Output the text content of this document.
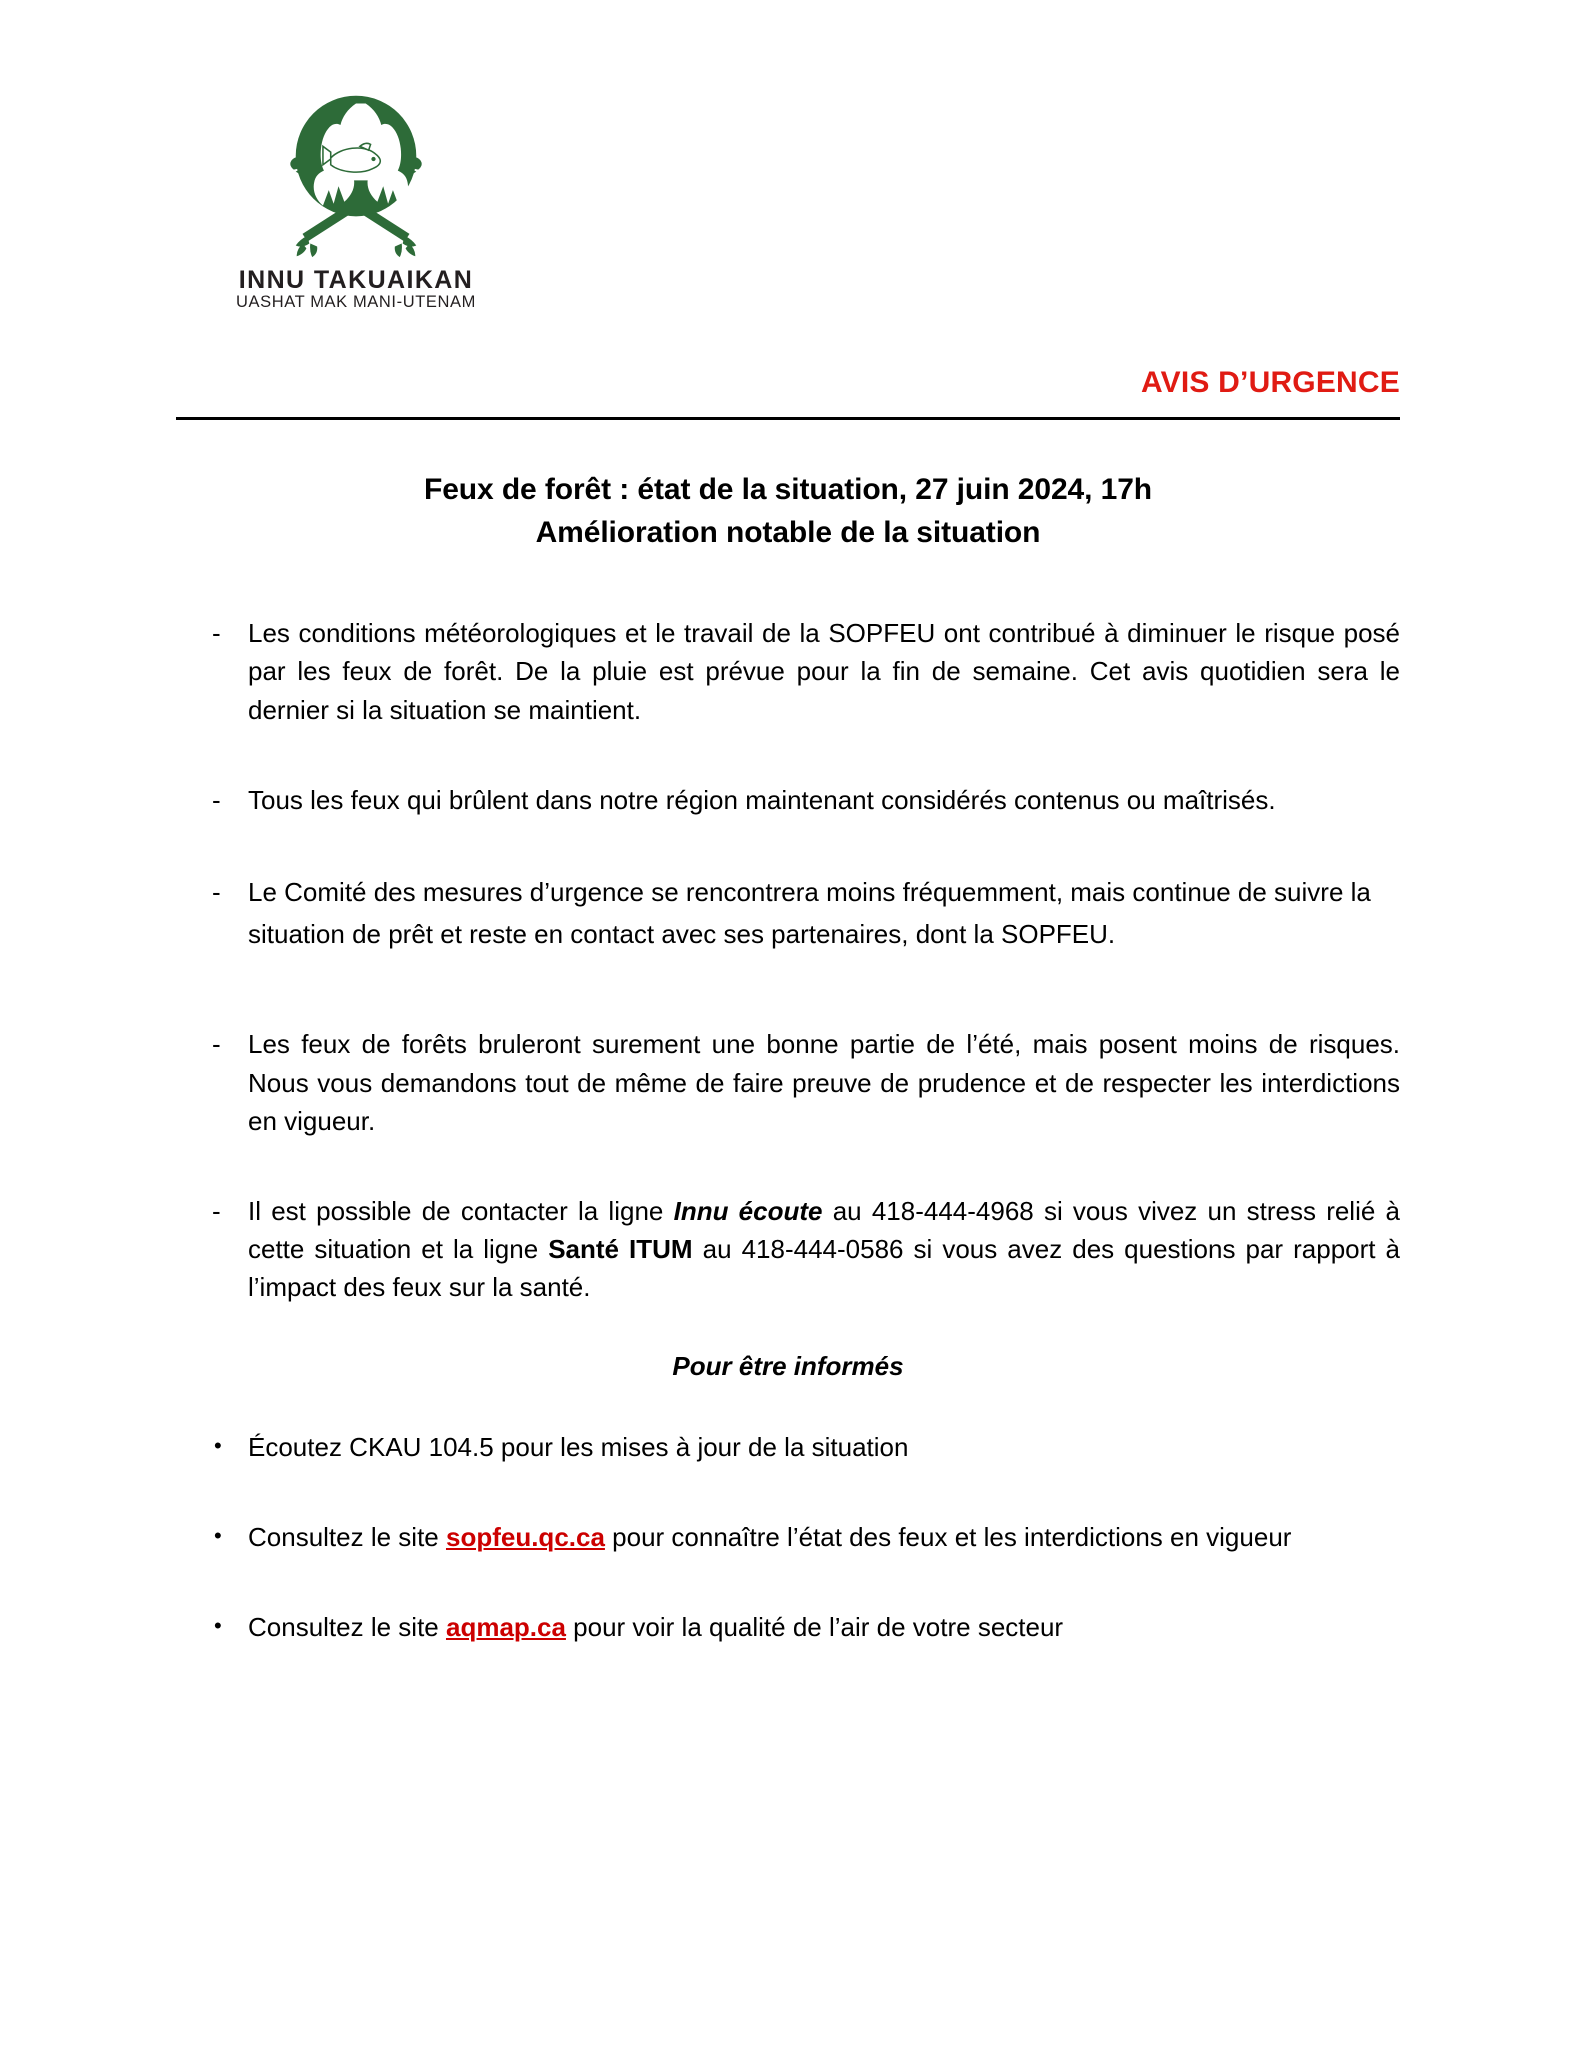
INNU TAKUAIKAN
UASHAT MAK MANI-UTENAM
AVIS D’URGENCE
Feux de forêt : état de la situation, 27 juin 2024, 17h
Amélioration notable de la situation
- Les conditions météorologiques et le travail de la SOPFEU ont contribué à diminuer le risque posé par les feux de forêt. De la pluie est prévue pour la fin de semaine. Cet avis quotidien sera le dernier si la situation se maintient.
- Tous les feux qui brûlent dans notre région maintenant considérés contenus ou maîtrisés.
- Le Comité des mesures d’urgence se rencontrera moins fréquemment, mais continue de suivre la situation de prêt et reste en contact avec ses partenaires, dont la SOPFEU.
- Les feux de forêts bruleront surement une bonne partie de l’été, mais posent moins de risques. Nous vous demandons tout de même de faire preuve de prudence et de respecter les interdictions en vigueur.
- Il est possible de contacter la ligne Innu écoute au 418-444-4968 si vous vivez un stress relié à cette situation et la ligne Santé ITUM au 418-444-0586 si vous avez des questions par rapport à l’impact des feux sur la santé.
Pour être informés
• Écoutez CKAU 104.5 pour les mises à jour de la situation
• Consultez le site sopfeu.qc.ca pour connaître l’état des feux et les interdictions en vigueur
• Consultez le site aqmap.ca pour voir la qualité de l’air de votre secteur
